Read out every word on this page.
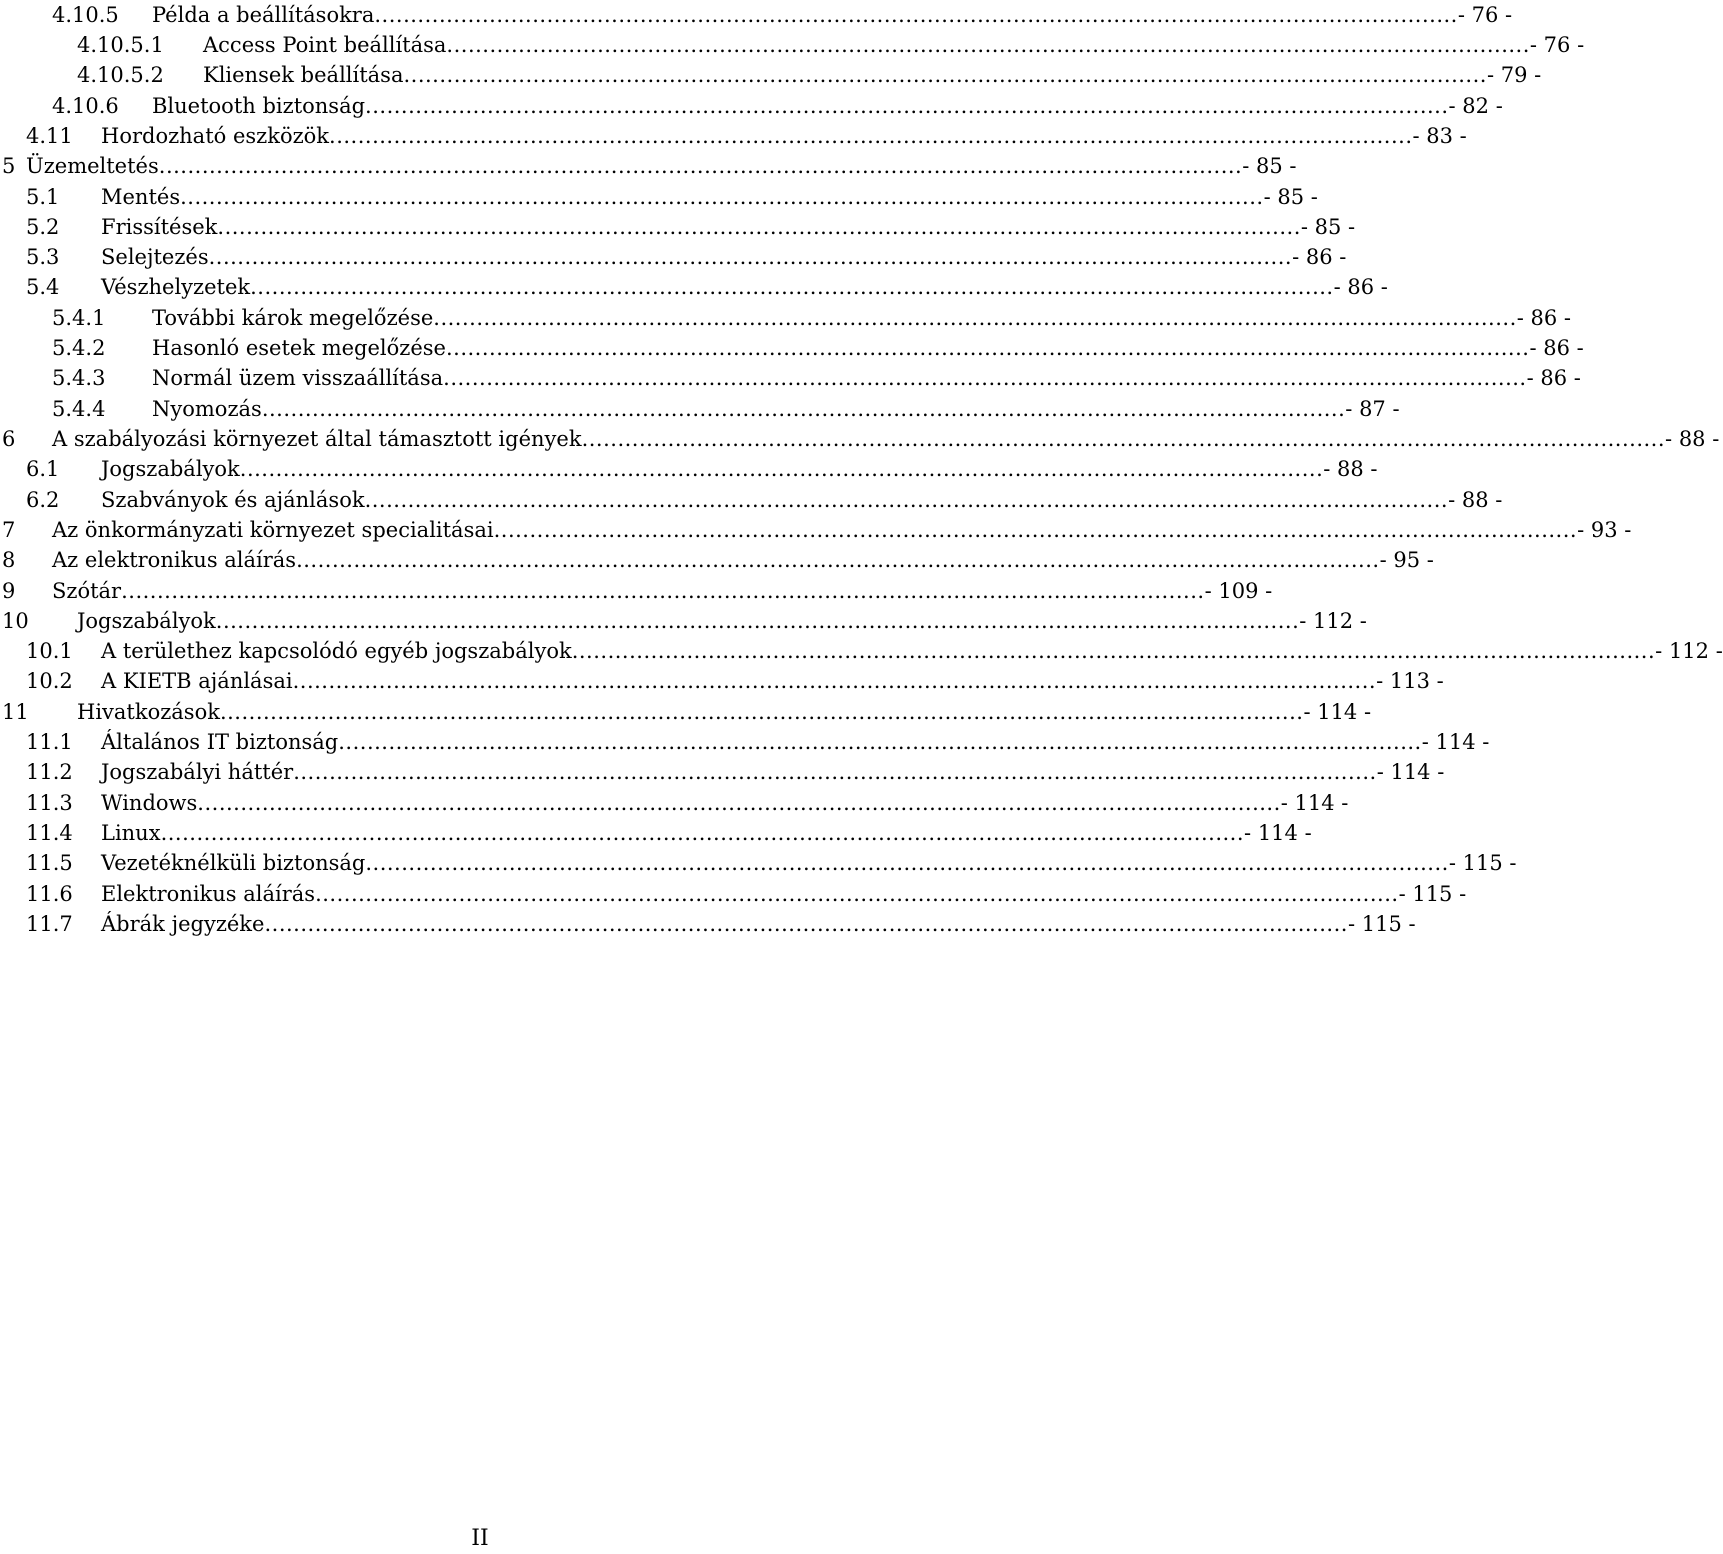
4.10.5 Példa a beállításokra ....................................................................................................................................................... - 76 -
4.10.5.1 Access Point beállítása ....................................................................................................................................................... - 76 -
4.10.5.2 Kliensek beállítása ....................................................................................................................................................... - 79 -
4.10.6 Bluetooth biztonság ....................................................................................................................................................... - 82 -
4.11 Hordozható eszközök ....................................................................................................................................................... - 83 -
5 Üzemeltetés ....................................................................................................................................................... - 85 -
5.1 Mentés ....................................................................................................................................................... - 85 -
5.2 Frissítések ....................................................................................................................................................... - 85 -
5.3 Selejtezés ....................................................................................................................................................... - 86 -
5.4 Vészhelyzetek ....................................................................................................................................................... - 86 -
5.4.1 További károk megelőzése ....................................................................................................................................................... - 86 -
5.4.2 Hasonló esetek megelőzése ....................................................................................................................................................... - 86 -
5.4.3 Normál üzem visszaállítása ....................................................................................................................................................... - 86 -
5.4.4 Nyomozás ....................................................................................................................................................... - 87 -
6 A szabályozási környezet által támasztott igények ....................................................................................................................................................... - 88 -
6.1 Jogszabályok ....................................................................................................................................................... - 88 -
6.2 Szabványok és ajánlások ....................................................................................................................................................... - 88 -
7 Az önkormányzati környezet specialitásai ....................................................................................................................................................... - 93 -
8 Az elektronikus aláírás ....................................................................................................................................................... - 95 -
9 Szótár ....................................................................................................................................................... - 109 -
10 Jogszabályok ....................................................................................................................................................... - 112 -
10.1 A területhez kapcsolódó egyéb jogszabályok ....................................................................................................................................................... - 112 -
10.2 A KIETB ajánlásai ....................................................................................................................................................... - 113 -
11 Hivatkozások ....................................................................................................................................................... - 114 -
11.1 Általános IT biztonság ....................................................................................................................................................... - 114 -
11.2 Jogszabályi háttér ....................................................................................................................................................... - 114 -
11.3 Windows ....................................................................................................................................................... - 114 -
11.4 Linux ....................................................................................................................................................... - 114 -
11.5 Vezetéknélküli biztonság ....................................................................................................................................................... - 115 -
11.6 Elektronikus aláírás ....................................................................................................................................................... - 115 -
11.7 Ábrák jegyzéke ....................................................................................................................................................... - 115 -
II
